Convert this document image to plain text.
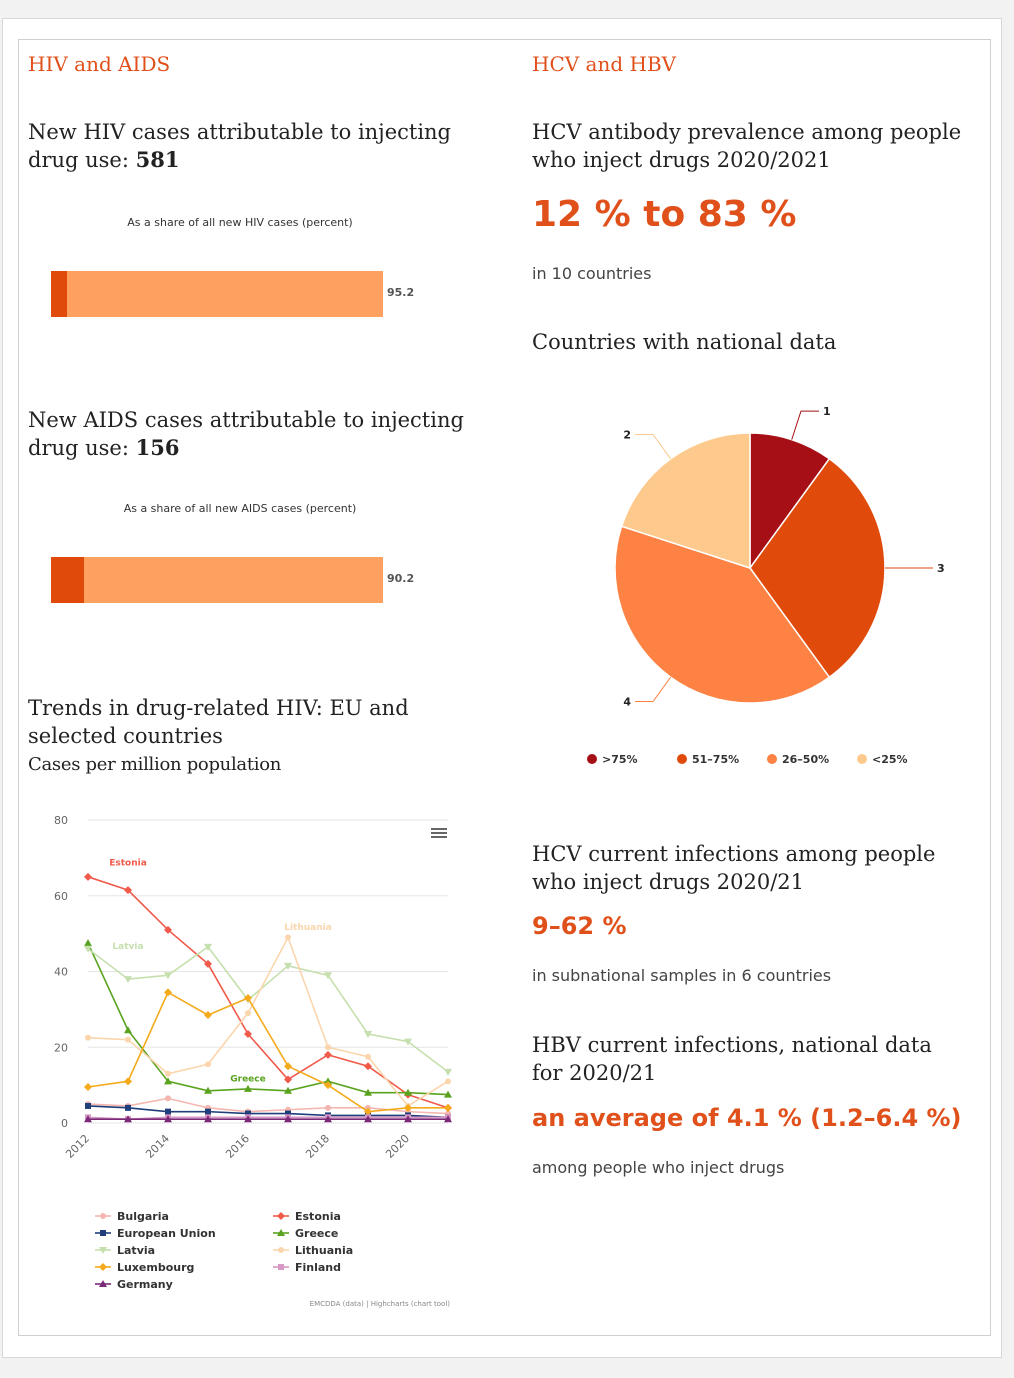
HIV and AIDS

New HIV cases attributable to injecting drug use: 581

As a share of all new HIV cases (percent)
95.2

New AIDS cases attributable to injecting drug use: 156

As a share of all new AIDS cases (percent)
90.2
Trends in drug-related HIV: EU and
selected countries
Cases per million population
0
20
40
60
80
2012	2014	2016	2018	2020
Estonia
Greece
Latvia
Lithuania
Bulgaria	Estonia
European Union	Greece
Latvia	Lithuania
Luxembourg	Finland
Germany
EMCDDA (data) | Highcharts (chart tool)
HCV and HBV
HCV antibody prevalence among people
who inject drugs 2020/2021
12 % to 83 %
in 10 countries
Countries with national data
1
3
4
2
>75%	51–75%	26–50%	<25%
HCV current infections among people
who inject drugs 2020/21
9–62 %
in subnational samples in 6 countries
HBV current infections, national data
for 2020/21
an average of 4.1 % (1.2–6.4 %)
among people who inject drugs
